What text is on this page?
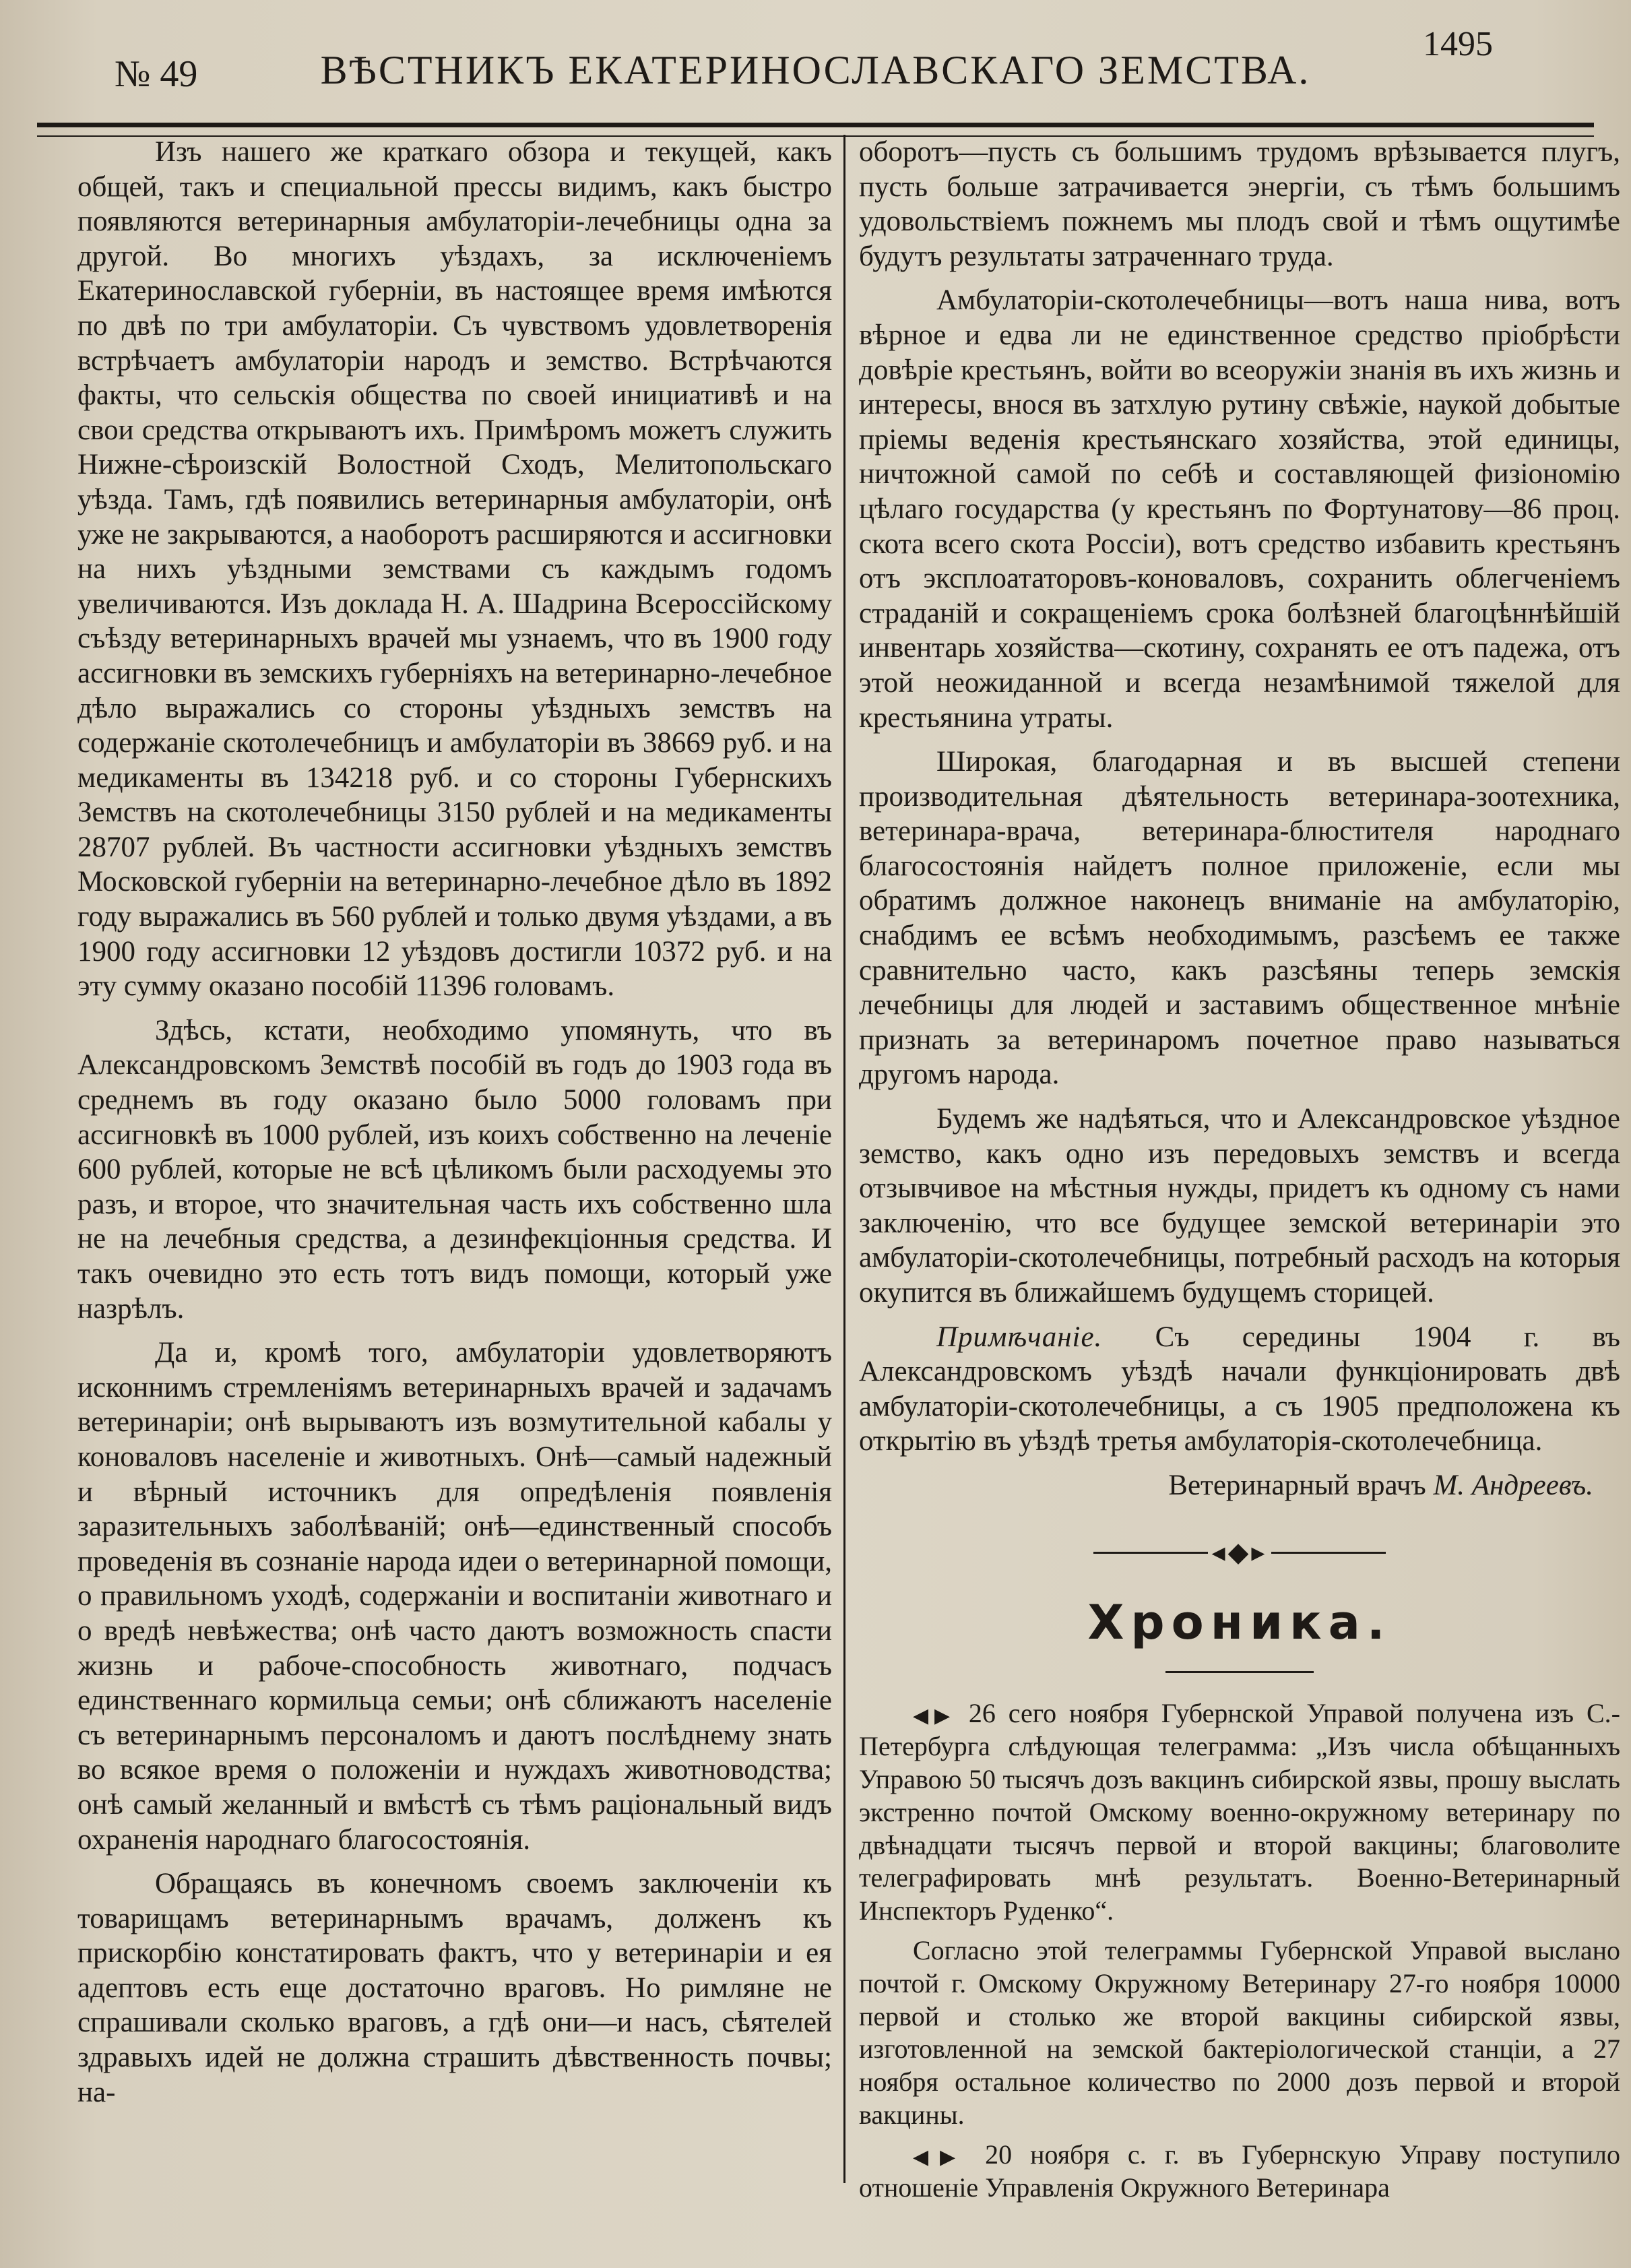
№ 49	ВѢСТНИКЪ ЕКАТЕРИНОСЛАВСКАГО ЗЕМСТВА.
1495

Изъ нашего же краткаго обзора и текущей, какъ общей, такъ и специальной прессы видимъ, какъ быстро появляются ветеринарныя амбулаторіи-лечебницы одна за другой. Во многихъ уѣздахъ, за исключеніемъ Екатеринославской губерніи, въ настоящее время имѣются по двѣ по три амбулаторіи. Съ чувствомъ удовлетворенія встрѣчаетъ амбулаторіи народъ и земство. Встрѣчаются факты, что сельскія общества по своей инициативѣ и на свои средства открываютъ ихъ. Примѣромъ можетъ служить Нижне-сѣроизскій Волостной Сходъ, Мелитопольскаго уѣзда. Тамъ, гдѣ появились ветеринарныя амбулаторіи, онѣ уже не закрываются, а наоборотъ расширяются и ассигновки на нихъ уѣздными земствами съ каждымъ годомъ увеличиваются. Изъ доклада Н. А. Шадрина Всероссійскому съѣзду ветеринарныхъ врачей мы узнаемъ, что въ 1900 году ассигновки въ земскихъ губерніяхъ на ветеринарно-лечебное дѣло выражались со стороны уѣздныхъ земствъ на содержаніе скотолечебницъ и амбулаторіи въ 38669 руб. и на медикаменты въ 134218 руб. и со стороны Губернскихъ Земствъ на скотолечебницы 3150 рублей и на медикаменты 28707 рублей. Въ частности ассигновки уѣздныхъ земствъ Московской губерніи на ветеринарно-лечебное дѣло въ 1892 году выражались въ 560 рублей и только двумя уѣздами, а въ 1900 году ассигновки 12 уѣздовъ достигли 10372 руб. и на эту сумму оказано пособій 11396 головамъ.

Здѣсь, кстати, необходимо упомянуть, что въ Александровскомъ Земствѣ пособій въ годъ до 1903 года въ среднемъ въ году оказано было 5000 головамъ при ассигновкѣ въ 1000 рублей, изъ коихъ собственно на леченіе 600 рублей, которые не всѣ цѣликомъ были расходуемы это разъ, и второе, что значительная часть ихъ собственно шла не на лечебныя средства, а дезинфекціонныя средства. И такъ очевидно это есть тотъ видъ помощи, который уже назрѣлъ.

Да и, кромѣ того, амбулаторіи удовлетворяютъ исконнимъ стремленіямъ ветеринарныхъ врачей и задачамъ ветеринаріи; онѣ вырываютъ изъ возмутительной кабалы у коноваловъ населеніе и животныхъ. Онѣ—самый надежный и вѣрный источникъ для опредѣленія появленія заразительныхъ заболѣваній; онѣ—единственный способъ проведенія въ сознаніе народа идеи о ветеринарной помощи, о правильномъ уходѣ, содержаніи и воспитаніи животнаго и о вредѣ невѣжества; онѣ часто даютъ возможность спасти жизнь и рабоче-способность животнаго, подчасъ единственнаго кормильца семьи; онѣ сближаютъ населеніе съ ветеринарнымъ персоналомъ и даютъ послѣднему знать во всякое время о положеніи и нуждахъ животноводства; онѣ самый желанный и вмѣстѣ съ тѣмъ раціональный видъ охраненія народнаго благосостоянія.

Обращаясь въ конечномъ своемъ заключеніи къ товарищамъ ветеринарнымъ врачамъ, долженъ къ прискорбію констатировать фактъ, что у ветеринаріи и ея адептовъ есть еще достаточно враговъ. Но римляне не спрашивали сколько враговъ, а гдѣ они—и насъ, сѣятелей здравыхъ идей не должна страшить дѣвственность почвы; на-

оборотъ—пусть съ большимъ трудомъ врѣзывается плугъ, пусть больше затрачивается энергіи, съ тѣмъ большимъ удовольствіемъ пожнемъ мы плодъ свой и тѣмъ ощутимѣе будутъ результаты затраченнаго труда.

Амбулаторіи-скотолечебницы—вотъ наша нива, вотъ вѣрное и едва ли не единственное средство пріобрѣсти довѣріе крестьянъ, войти во всеоружіи знанія въ ихъ жизнь и интересы, внося въ затхлую рутину свѣжіе, наукой добытые пріемы веденія крестьянскаго хозяйства, этой единицы, ничтожной самой по себѣ и составляющей физіономію цѣлаго государства (у крестьянъ по Фортунатову—86 проц. скота всего скота Россіи), вотъ средство избавить крестьянъ отъ эксплоататоровъ-коноваловъ, сохранить облегченіемъ страданій и сокращеніемъ срока болѣзней благоцѣннѣйшій инвентарь хозяйства—скотину, сохранять ее отъ падежа, отъ этой неожиданной и всегда незамѣнимой тяжелой для крестьянина утраты.

Широкая, благодарная и въ высшей степени производительная дѣятельность ветеринара-зоотехника, ветеринара-врача, ветеринара-блюстителя народнаго благосостоянія найдетъ полное приложеніе, если мы обратимъ должное наконецъ вниманіе на амбулаторію, снабдимъ ее всѣмъ необходимымъ, разсѣемъ ее также сравнительно часто, какъ разсѣяны теперь земскія лечебницы для людей и заставимъ общественное мнѣніе признать за ветеринаромъ почетное право называться другомъ народа.

Будемъ же надѣяться, что и Александровское уѣздное земство, какъ одно изъ передовыхъ земствъ и всегда отзывчивое на мѣстныя нужды, придетъ къ одному съ нами заключенію, что все будущее земской ветеринаріи это амбулаторіи-скотолечебницы, потребный расходъ на которыя окупится въ ближайшемъ будущемъ сторицей.

Примѣчаніе. Съ середины 1904 г. въ Александровскомъ уѣздѣ начали функціонировать двѣ амбулаторіи-скотолечебницы, а съ 1905 предположена къ открытію въ уѣздѣ третья амбулаторія-скотолечебница.

Ветеринарный врачъ М. Андреевъ.

◂◆▸
Хроника.

◀▶ 26 сего ноября Губернской Управой получена изъ С.-Петербурга слѣдующая телеграмма: „Изъ числа обѣщанныхъ Управою 50 тысячъ дозъ вакцинъ сибирской язвы, прошу выслать экстренно почтой Омскому военно-окружному ветеринару по двѣнадцати тысячъ первой и второй вакцины; благоволите телеграфировать мнѣ результатъ. Военно-Ветеринарный Инспекторъ Руденко“.

Согласно этой телеграммы Губернской Управой выслано почтой г. Омскому Окружному Ветеринару 27-го ноября 10000 первой и столько же второй вакцины сибирской язвы, изготовленной на земской бактеріологической станціи, а 27 ноября остальное количество по 2000 дозъ первой и второй вакцины.

◀▶ 20 ноября с. г. въ Губернскую Управу поступило отношеніе Управленія Окружного Ветеринара
